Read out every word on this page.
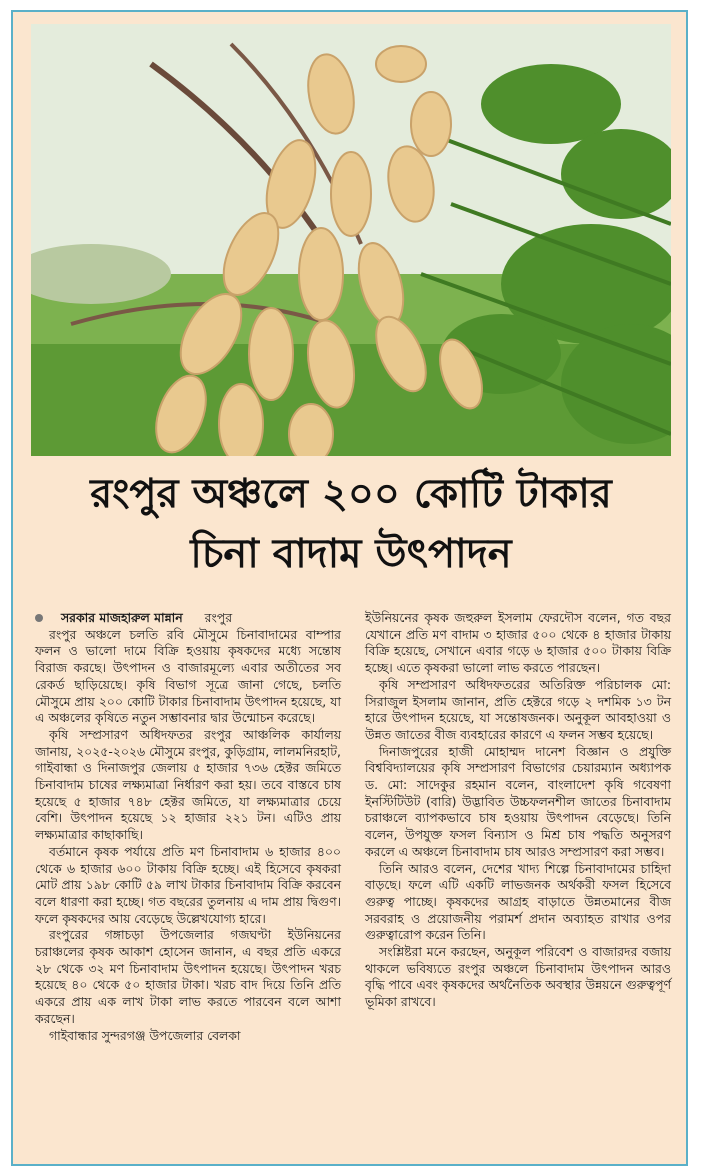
রংপুর অঞ্চলে ২০০ কোটি টাকার
চিনা বাদাম উৎপাদন

সরকার মাজহারুল মান্নান	রংপুর

রংপুর অঞ্চলে চলতি রবি মৌসুমে চিনাবাদামের বাম্পার ফলন ও ভালো দামে বিক্রি হওয়ায় কৃষকদের মধ্যে সন্তোষ বিরাজ করছে। উৎপাদন ও বাজারমূল্যে এবার অতীতের সব রেকর্ড ছাড়িয়েছে। কৃষি বিভাগ সূত্রে জানা গেছে, চলতি মৌসুমে প্রায় ২০০ কোটি টাকার চিনাবাদাম উৎপাদন হয়েছে, যা এ অঞ্চলের কৃষিতে নতুন সম্ভাবনার দ্বার উন্মোচন করেছে।

কৃষি সম্প্রসারণ অধিদফতর রংপুর আঞ্চলিক কার্যালয় জানায়, ২০২৫-২০২৬ মৌসুমে রংপুর, কুড়িগ্রাম, লালমনিরহাট, গাইবান্ধা ও দিনাজপুর জেলায় ৫ হাজার ৭৩৬ হেক্টর জমিতে চিনাবাদাম চাষের লক্ষ্যমাত্রা নির্ধারণ করা হয়। তবে বাস্তবে চাষ হয়েছে ৫ হাজার ৭৪৮ হেক্টর জমিতে, যা লক্ষ্যমাত্রার চেয়ে বেশি। উৎপাদন হয়েছে ১২ হাজার ২২১ টন। এটিও প্রায় লক্ষ্যমাত্রার কাছাকাছি।

বর্তমানে কৃষক পর্যায়ে প্রতি মণ চিনাবাদাম ৬ হাজার ৪০০ থেকে ৬ হাজার ৬০০ টাকায় বিক্রি হচ্ছে। এই হিসেবে কৃষকরা মোট প্রায় ১৯৮ কোটি ৫৯ লাখ টাকার চিনাবাদাম বিক্রি করবেন বলে ধারণা করা হচ্ছে। গত বছরের তুলনায় এ দাম প্রায় দ্বিগুণ। ফলে কৃষকদের আয় বেড়েছে উল্লেখযোগ্য হারে।

রংপুরের গঙ্গাচড়া উপজেলার গজঘণ্টা ইউনিয়নের চরাঞ্চলের কৃষক আকাশ হোসেন জানান, এ বছর প্রতি একরে ২৮ থেকে ৩২ মণ চিনাবাদাম উৎপাদন হয়েছে। উৎপাদন খরচ হয়েছে ৪০ থেকে ৫০ হাজার টাকা। খরচ বাদ দিয়ে তিনি প্রতি একরে প্রায় এক লাখ টাকা লাভ করতে পারবেন বলে আশা করছেন।

গাইবান্ধার সুন্দরগঞ্জ উপজেলার বেলকা

ইউনিয়নের কৃষক জহুরুল ইসলাম ফেরদৌস বলেন, গত বছর যেখানে প্রতি মণ বাদাম ৩ হাজার ৫০০ থেকে ৪ হাজার টাকায় বিক্রি হয়েছে, সেখানে এবার গড়ে ৬ হাজার ৫০০ টাকায় বিক্রি হচ্ছে। এতে কৃষকরা ভালো লাভ করতে পারছেন।

কৃষি সম্প্রসারণ অধিদফতরের অতিরিক্ত পরিচালক মো: সিরাজুল ইসলাম জানান, প্রতি হেক্টরে গড়ে ২ দশমিক ১৩ টন হারে উৎপাদন হয়েছে, যা সন্তোষজনক। অনুকূল আবহাওয়া ও উন্নত জাতের বীজ ব্যবহারের কারণে এ ফলন সম্ভব হয়েছে।

দিনাজপুরের হাজী মোহাম্মদ দানেশ বিজ্ঞান ও প্রযুক্তি বিশ্ববিদ্যালয়ের কৃষি সম্প্রসারণ বিভাগের চেয়ারম্যান অধ্যাপক ড. মো: সাদেকুর রহমান বলেন, বাংলাদেশ কৃষি গবেষণা ইনস্টিটিউট (বারি) উদ্ভাবিত উচ্চফলনশীল জাতের চিনাবাদাম চরাঞ্চলে ব্যাপকভাবে চাষ হওয়ায় উৎপাদন বেড়েছে। তিনি বলেন, উপযুক্ত ফসল বিন্যাস ও মিশ্র চাষ পদ্ধতি অনুসরণ করলে এ অঞ্চলে চিনাবাদাম চাষ আরও সম্প্রসারণ করা সম্ভব।

তিনি আরও বলেন, দেশের খাদ্য শিল্পে চিনাবাদামের চাহিদা বাড়ছে। ফলে এটি একটি লাভজনক অর্থকরী ফসল হিসেবে গুরুত্ব পাচ্ছে। কৃষকদের আগ্রহ বাড়াতে উন্নতমানের বীজ সরবরাহ ও প্রয়োজনীয় পরামর্শ প্রদান অব্যাহত রাখার ওপর গুরুত্বারোপ করেন তিনি।

সংশ্লিষ্টরা মনে করছেন, অনুকূল পরিবেশ ও বাজারদর বজায় থাকলে ভবিষ্যতে রংপুর অঞ্চলে চিনাবাদাম উৎপাদন আরও বৃদ্ধি পাবে এবং কৃষকদের অর্থনৈতিক অবস্থার উন্নয়নে গুরুত্বপূর্ণ ভূমিকা রাখবে।
